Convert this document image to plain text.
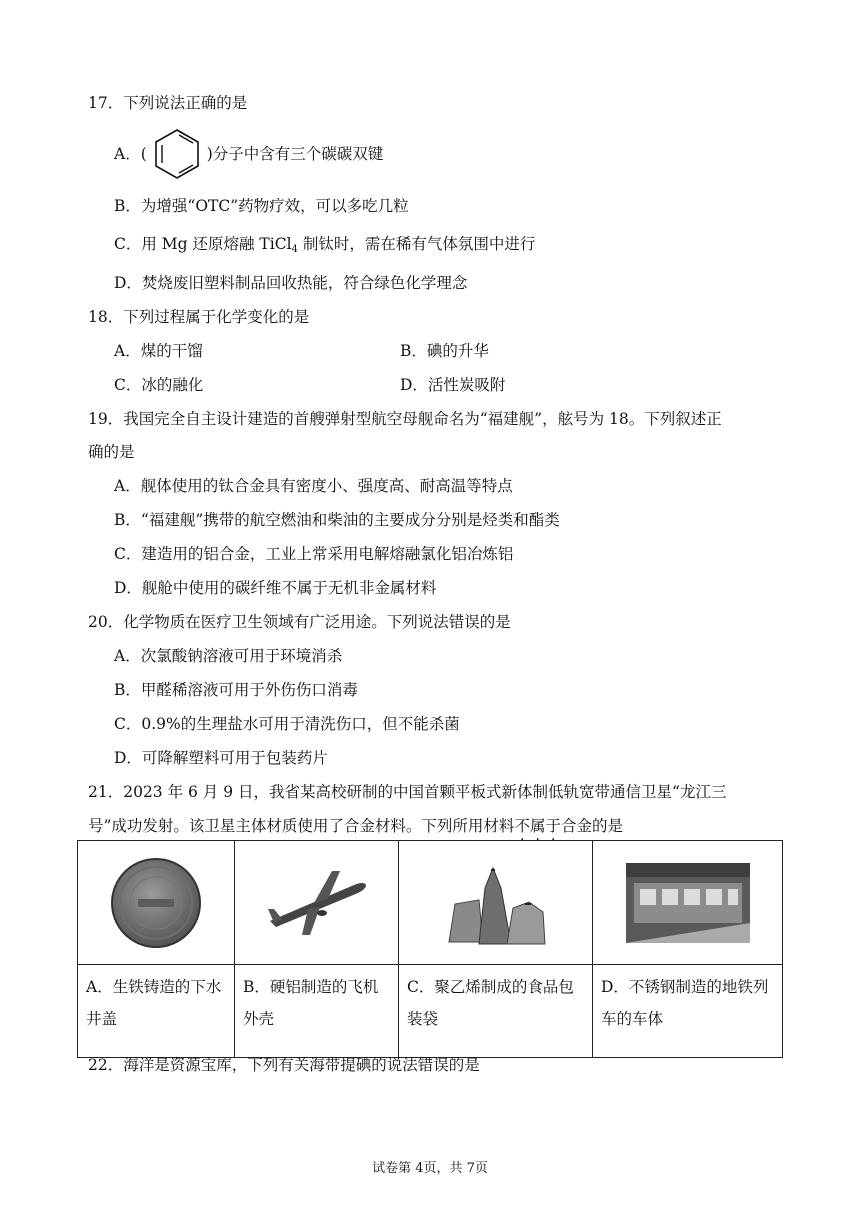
17．下列说法正确的是
A．(	)分子中含有三个碳碳双键
B．为增强“OTC”药物疗效，可以多吃几粒
C．用 Mg 还原熔融 TiCl$_4$ 制钛时，需在稀有气体氛围中进行
D．焚烧废旧塑料制品回收热能，符合绿色化学理念
18．下列过程属于化学变化的是
A．煤的干馏	B．碘的升华
C．冰的融化	D．活性炭吸附
19．我国完全自主设计建造的首艘弹射型航空母舰命名为“福建舰”，舷号为 18。下列叙述正
确的是
A．舰体使用的钛合金具有密度小、强度高、耐高温等特点
B．“福建舰”携带的航空燃油和柴油的主要成分分别是烃类和酯类
C．建造用的铝合金，工业上常采用电解熔融氯化铝冶炼铝
D．舰舱中使用的碳纤维不属于无机非金属材料
20．化学物质在医疗卫生领域有广泛用途。下列说法错误的是
A．次氯酸钠溶液可用于环境消杀
B．甲醛稀溶液可用于外伤伤口消毒
C．0.9%的生理盐水可用于清洗伤口，但不能杀菌
D．可降解塑料可用于包装药片
21．2023 年 6 月 9 日，我省某高校研制的中国首颗平板式新体制低轨宽带通信卫星“龙江三
号”成功发射。该卫星主体材质使用了合金材料。下列所用材料不属于合金的是

A．生铁铸造的下水井盖	B．硬铝制造的飞机外壳	C．聚乙烯制成的食品包装袋	D．不锈钢制造的地铁列车的车体
22．海洋是资源宝库，下列有关海带提碘的说法错误的是
试卷第 4页，共 7页
